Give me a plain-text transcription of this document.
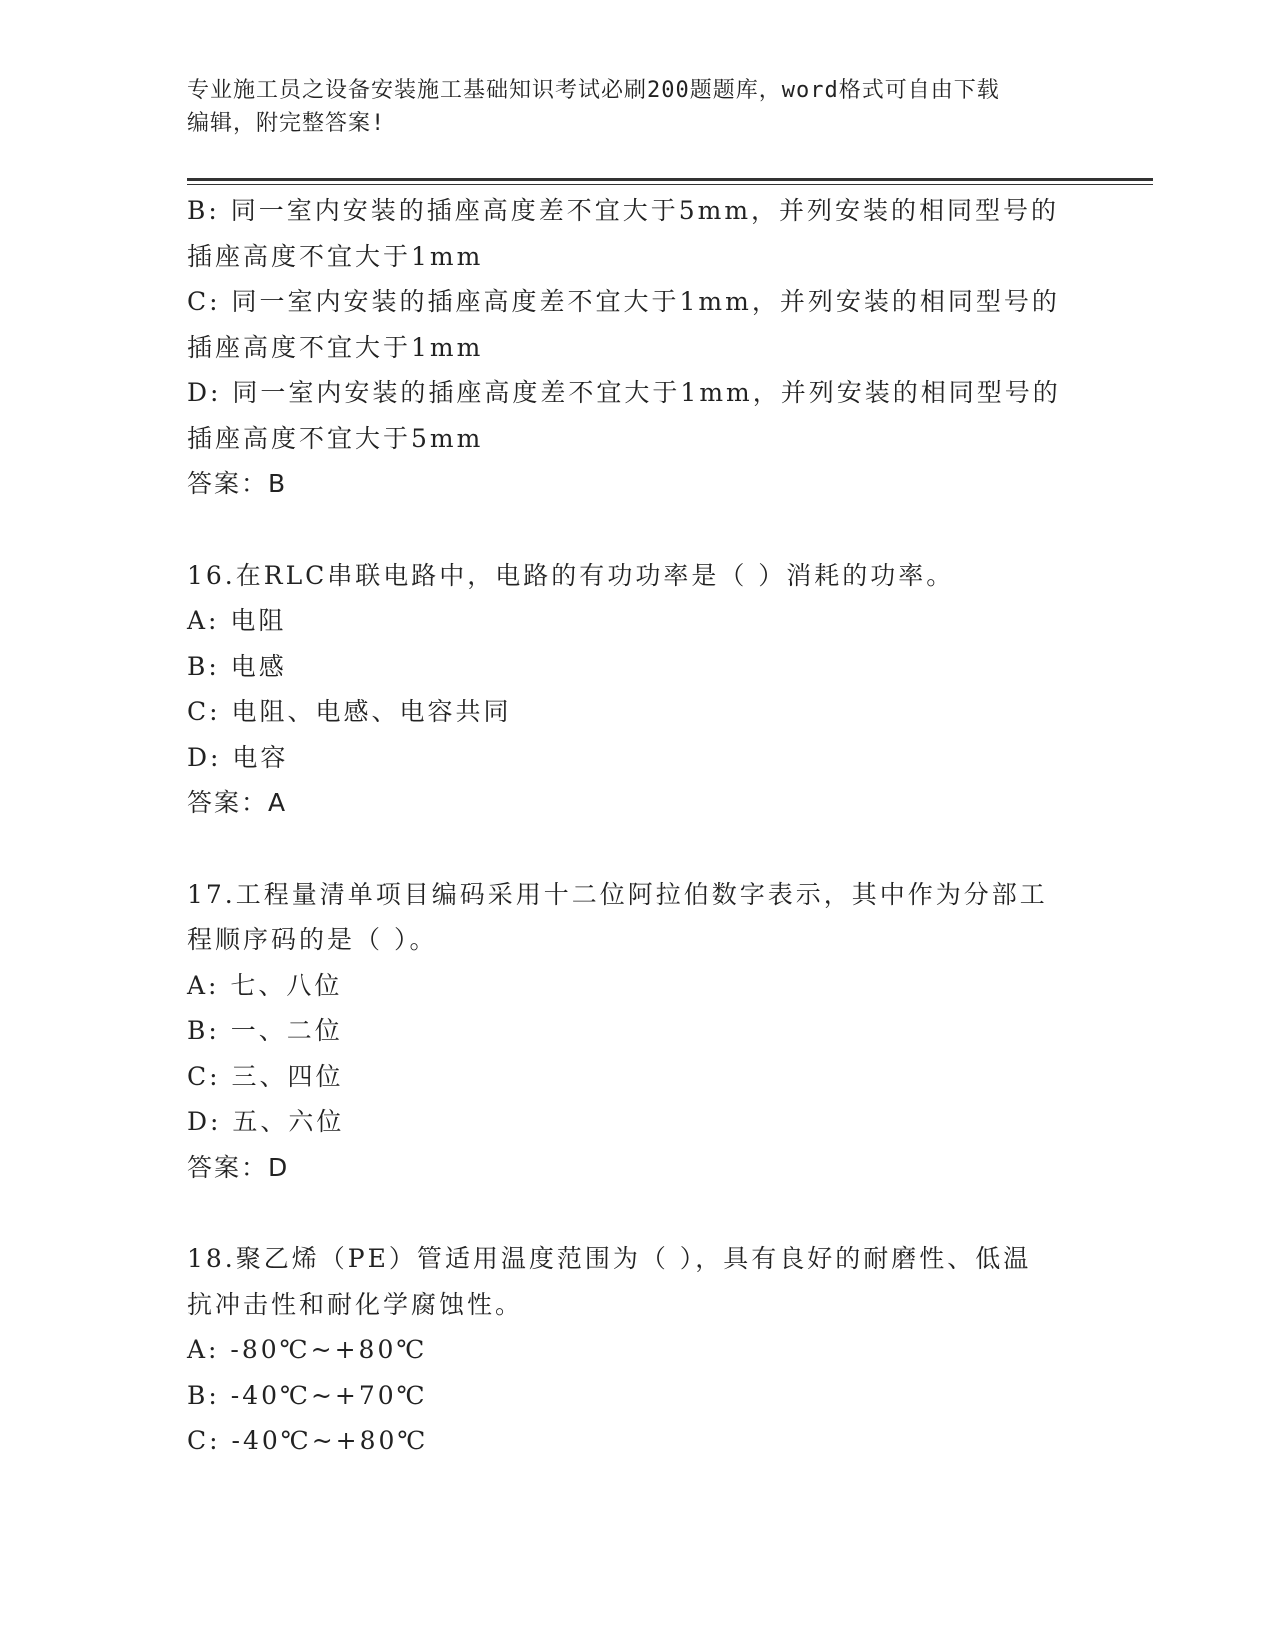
专业施工员之设备安装施工基础知识考试必刷200题题库，word格式可自由下载
编辑，附完整答案!
B: 同一室内安装的插座高度差不宜大于5mm，并列安装的相同型号的
插座高度不宜大于1mm
C: 同一室内安装的插座高度差不宜大于1mm，并列安装的相同型号的
插座高度不宜大于1mm
D: 同一室内安装的插座高度差不宜大于1mm，并列安装的相同型号的
插座高度不宜大于5mm
答案：B
16.在RLC串联电路中，电路的有功功率是（ ）消耗的功率。
A: 电阻
B: 电感
C: 电阻、电感、电容共同
D: 电容
答案：A
17.工程量清单项目编码采用十二位阿拉伯数字表示，其中作为分部工
程顺序码的是（ ）。
A: 七、八位
B: 一、二位
C: 三、四位
D: 五、六位
答案：D
18.聚乙烯（PE）管适用温度范围为（ ），具有良好的耐磨性、低温
抗冲击性和耐化学腐蚀性。
A: -80℃~+80℃
B: -40℃~+70℃
C: -40℃~+80℃
